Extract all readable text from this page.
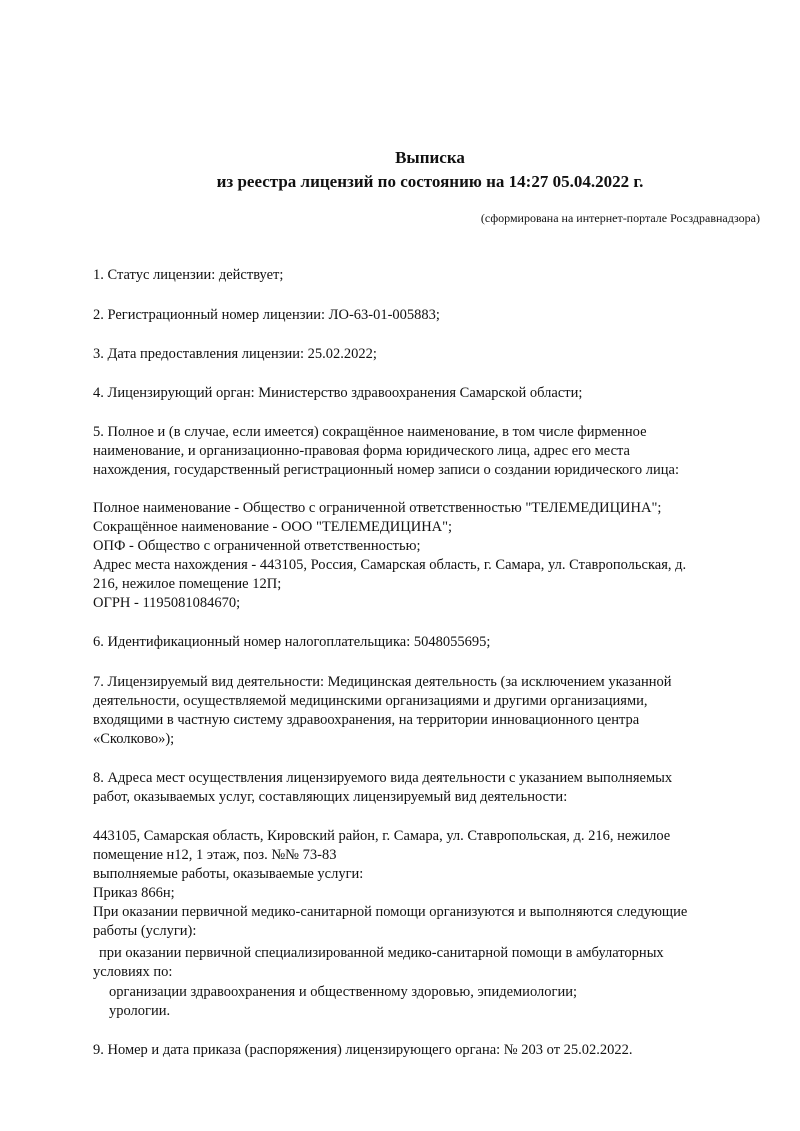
Выписка
из реестра лицензий по состоянию на 14:27 05.04.2022 г.
(сформирована на интернет-портале Росздравнадзора)
1. Статус лицензии: действует;
2. Регистрационный номер лицензии: ЛО-63-01-005883;
3. Дата предоставления лицензии: 25.02.2022;
4. Лицензирующий орган: Министерство здравоохранения Самарской области;
5. Полное и (в случае, если имеется) сокращённое наименование, в том числе фирменное
наименование, и организационно-правовая форма юридического лица, адрес его места
нахождения, государственный регистрационный номер записи о создании юридического лица:
Полное наименование - Общество с ограниченной ответственностью "ТЕЛЕМЕДИЦИНА";
Сокращённое наименование - ООО "ТЕЛЕМЕДИЦИНА";
ОПФ - Общество с ограниченной ответственностью;
Адрес места нахождения - 443105, Россия, Самарская область, г. Самара, ул. Ставропольская, д.
216, нежилое помещение 12П;
ОГРН - 1195081084670;
6. Идентификационный номер налогоплательщика: 5048055695;
7. Лицензируемый вид деятельности: Медицинская деятельность (за исключением указанной
деятельности, осуществляемой медицинскими организациями и другими организациями,
входящими в частную систему здравоохранения, на территории инновационного центра
«Сколково»);
8. Адреса мест осуществления лицензируемого вида деятельности с указанием выполняемых
работ, оказываемых услуг, составляющих лицензируемый вид деятельности:
443105, Самарская область, Кировский район, г. Самара, ул. Ставропольская, д. 216, нежилое
помещение н12, 1 этаж, поз. №№ 73-83
выполняемые работы, оказываемые услуги:
Приказ 866н;
При оказании первичной медико-санитарной помощи организуются и выполняются следующие
работы (услуги):
при оказании первичной специализированной медико-санитарной помощи в амбулаторных
условиях по:
организации здравоохранения и общественному здоровью, эпидемиологии;
урологии.
9. Номер и дата приказа (распоряжения) лицензирующего органа: № 203 от 25.02.2022.
